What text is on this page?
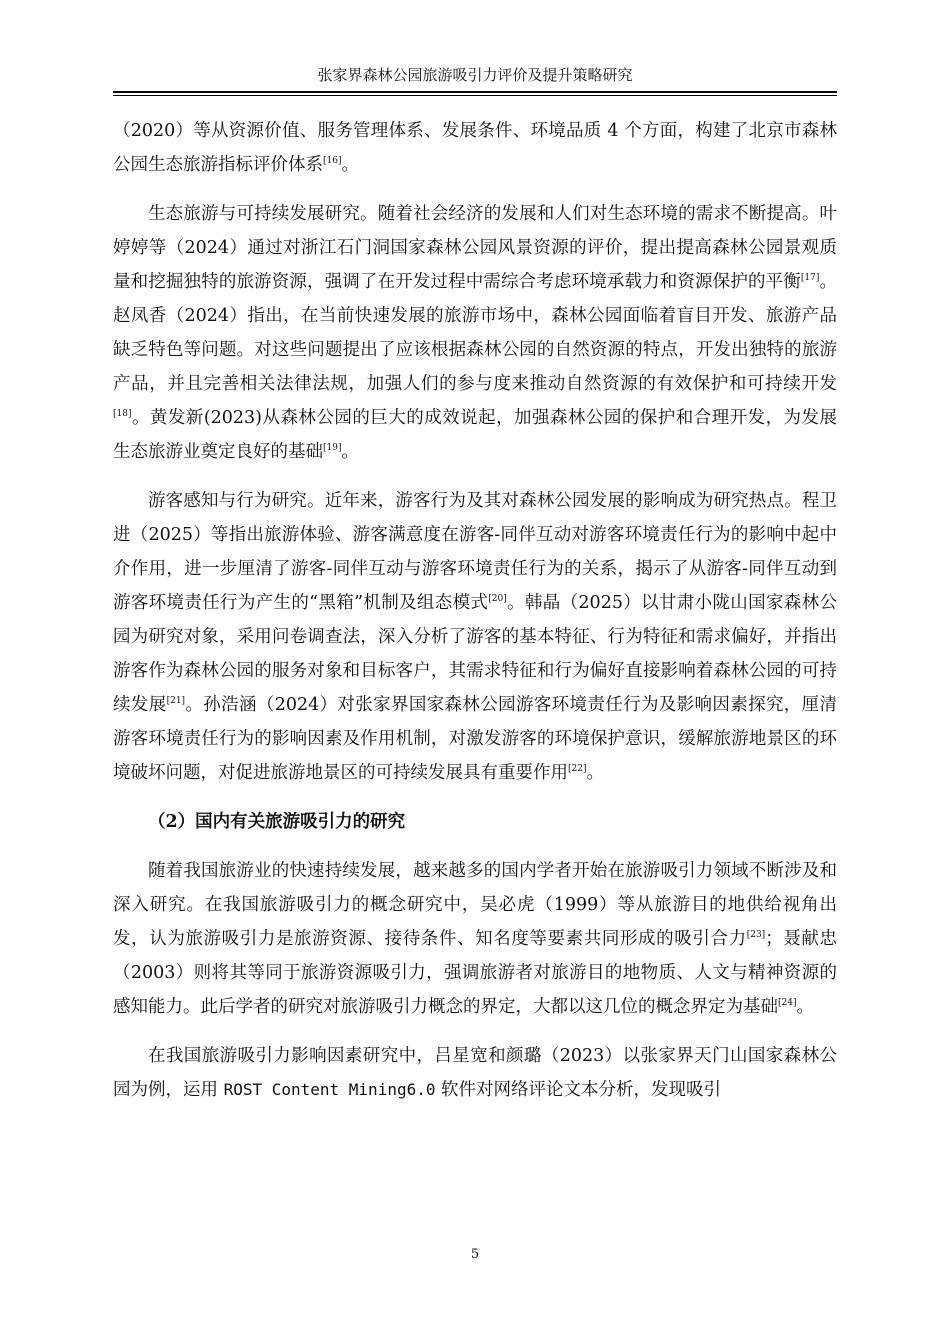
张家界森林公园旅游吸引力评价及提升策略研究

（2020）等从资源价值、服务管理体系、发展条件、环境品质 4 个方面，构建了北京市森林公园生态旅游指标评价体系[16]。

生态旅游与可持续发展研究。随着社会经济的发展和人们对生态环境的需求不断提高。叶婷婷等（2024）通过对浙江石门洞国家森林公园风景资源的评价，提出提高森林公园景观质量和挖掘独特的旅游资源，强调了在开发过程中需综合考虑环境承载力和资源保护的平衡[17]。赵凤香（2024）指出，在当前快速发展的旅游市场中，森林公园面临着盲目开发、旅游产品缺乏特色等问题。对这些问题提出了应该根据森林公园的自然资源的特点，开发出独特的旅游产品，并且完善相关法律法规，加强人们的参与度来推动自然资源的有效保护和可持续开发[18]。黄发新(2023)从森林公园的巨大的成效说起，加强森林公园的保护和合理开发，为发展生态旅游业奠定良好的基础[19]。

游客感知与行为研究。近年来，游客行为及其对森林公园发展的影响成为研究热点。程卫进（2025）等指出旅游体验、游客满意度在游客-同伴互动对游客环境责任行为的影响中起中介作用，进一步厘清了游客-同伴互动与游客环境责任行为的关系，揭示了从游客-同伴互动到游客环境责任行为产生的“黑箱”机制及组态模式[20]。韩晶（2025）以甘肃小陇山国家森林公园为研究对象，采用问卷调查法，深入分析了游客的基本特征、行为特征和需求偏好，并指出游客作为森林公园的服务对象和目标客户，其需求特征和行为偏好直接影响着森林公园的可持续发展[21]。孙浩涵（2024）对张家界国家森林公园游客环境责任行为及影响因素探究，厘清游客环境责任行为的影响因素及作用机制，对激发游客的环境保护意识，缓解旅游地景区的环境破坏问题，对促进旅游地景区的可持续发展具有重要作用[22]。

（2）国内有关旅游吸引力的研究

随着我国旅游业的快速持续发展，越来越多的国内学者开始在旅游吸引力领域不断涉及和深入研究。在我国旅游吸引力的概念研究中，吴必虎（1999）等从旅游目的地供给视角出发，认为旅游吸引力是旅游资源、接待条件、知名度等要素共同形成的吸引合力[23]；聂献忠（2003）则将其等同于旅游资源吸引力，强调旅游者对旅游目的地物质、人文与精神资源的感知能力。此后学者的研究对旅游吸引力概念的界定，大都以这几位的概念界定为基础[24]。

在我国旅游吸引力影响因素研究中，吕星宽和颜璐（2023）以张家界天门山国家森林公园为例，运用 ROST Content Mining6.0 软件对网络评论文本分析，发现吸引

5
